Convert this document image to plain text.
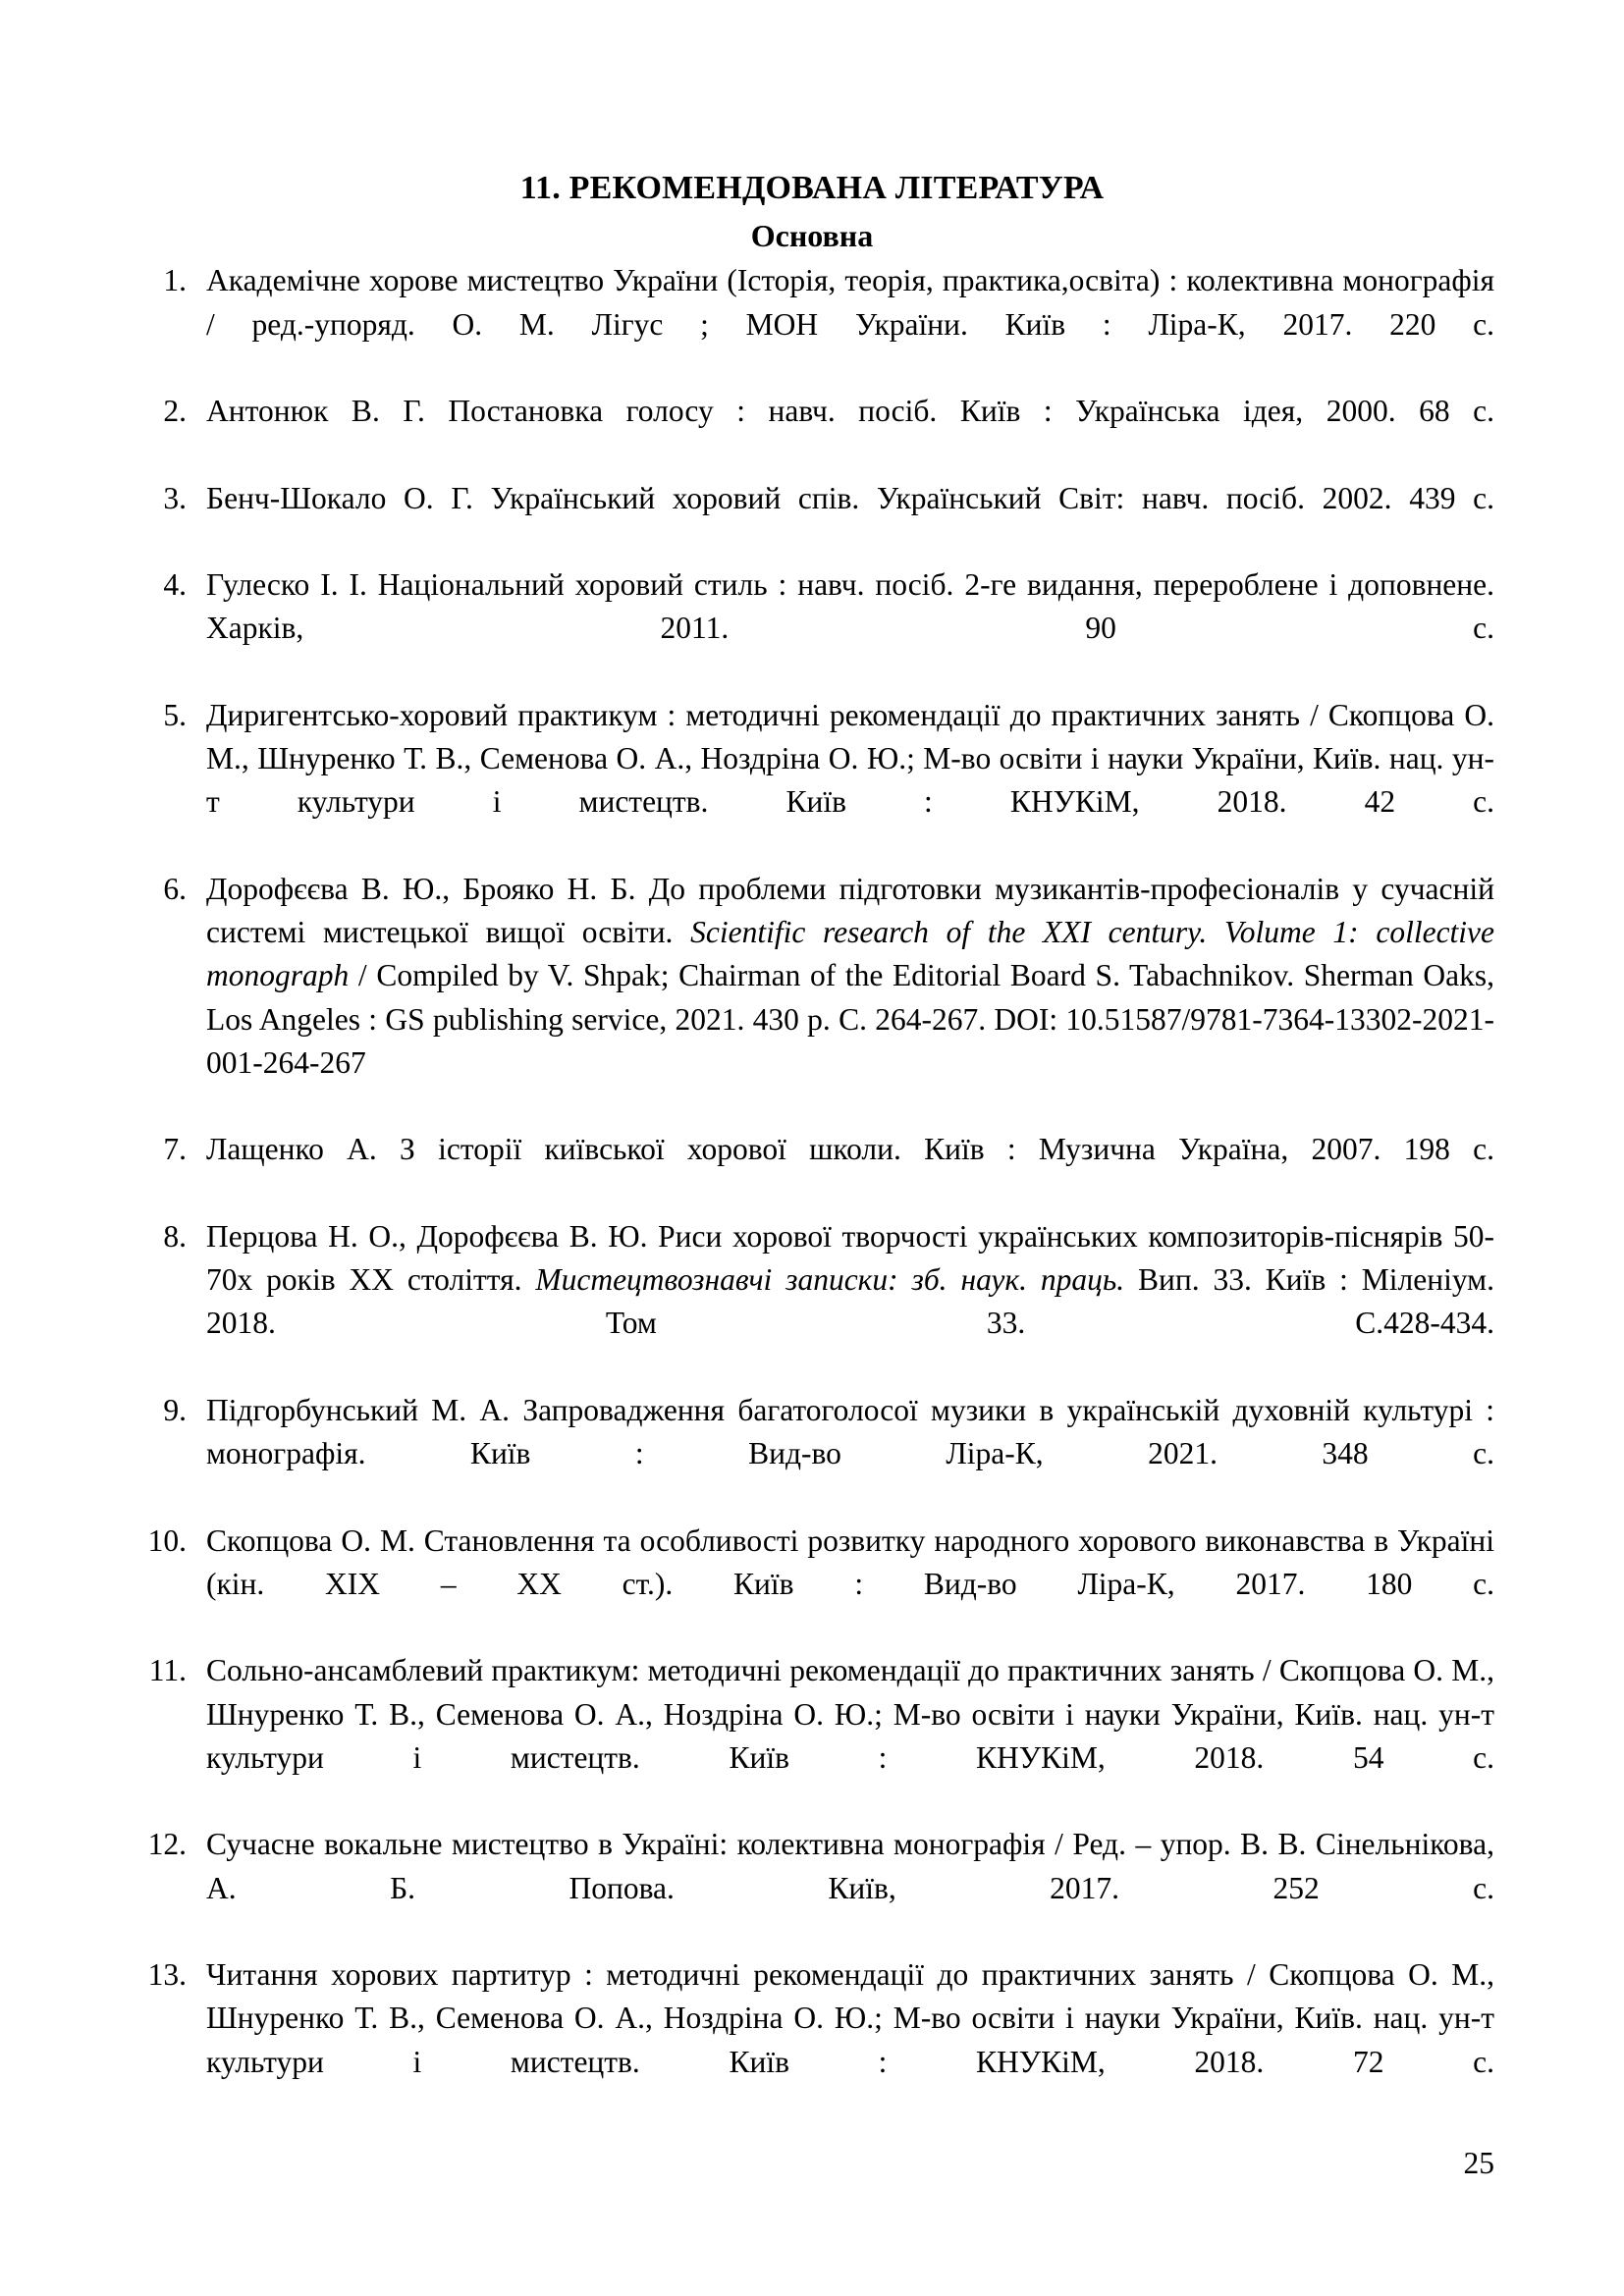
11. РЕКОМЕНДОВАНА ЛІТЕРАТУРА
Основна
Академічне хорове мистецтво України (Історія, теорія, практика,освіта) : колективна монографія / ред.-упоряд. О. М. Лігус ; МОН України. Київ : Ліра-К, 2017. 220 с.
Антонюк В. Г. Постановка голосу : навч. посіб. Київ : Українська ідея, 2000. 68 с.
Бенч-Шокало О. Г. Український хоровий спів. Український Світ: навч. посіб. 2002. 439 с.
Гулеско І. І. Національний хоровий стиль : навч. посіб. 2-ге видання, перероблене і доповнене. Харків, 2011. 90 с.
Диригентсько-хоровий практикум : методичні рекомендації до практичних занять / Скопцова О. М., Шнуренко Т. В., Семенова О. А., Ноздріна О. Ю.; М-во освіти і науки України, Київ. нац. ун-т культури і мистецтв. Київ : КНУКіМ, 2018. 42 с.
Дорофєєва В. Ю., Брояко Н. Б. До проблеми підготовки музикантів-професіоналів у сучасній системі мистецької вищої освіти. Scientific research of the XXI century. Volume 1: collective monograph / Compiled by V. Shpak; Chairman of the Editorial Board S. Tabachnikov. Sherman Oaks, Los Angeles : GS publishing service, 2021. 430 p. C. 264-267. DOI: 10.51587/9781-7364-13302-2021-001-264-267
Лащенко А. З історії київської хорової школи. Київ : Музична Україна, 2007. 198 с.
Перцова Н. О., Дорофєєва В. Ю. Риси хорової творчості українських композиторів-піснярів 50-70х років ХХ століття. Мистецтвознавчі записки: зб. наук. праць. Вип. 33. Київ : Міленіум. 2018. Том 33. С.428-434.
Підгорбунський М. А. Запровадження багатоголосої музики в українській духовній культурі : монографія. Київ : Вид-во Ліра-К, 2021. 348 с.
Скопцова О. М. Становлення та особливості розвитку народного хорового виконавства в Україні (кін. XIX – XX ст.). Київ : Вид-во Ліра-К, 2017. 180 с.
Сольно-ансамблевий практикум: методичні рекомендації до практичних занять / Скопцова О. М., Шнуренко Т. В., Семенова О. А., Ноздріна О. Ю.; М-во освіти і науки України, Київ. нац. ун-т культури і мистецтв. Київ : КНУКіМ, 2018. 54 с.
Сучасне вокальне мистецтво в Україні: колективна монографія / Ред. – упор. В. В. Сінельнікова, А. Б. Попова. Київ, 2017. 252 с.
Читання хорових партитур : методичні рекомендації до практичних занять / Скопцова О. М., Шнуренко Т. В., Семенова О. А., Ноздріна О. Ю.; М-во освіти і науки України, Київ. нац. ун-т культури і мистецтв. Київ : КНУКіМ, 2018. 72 с.
25
